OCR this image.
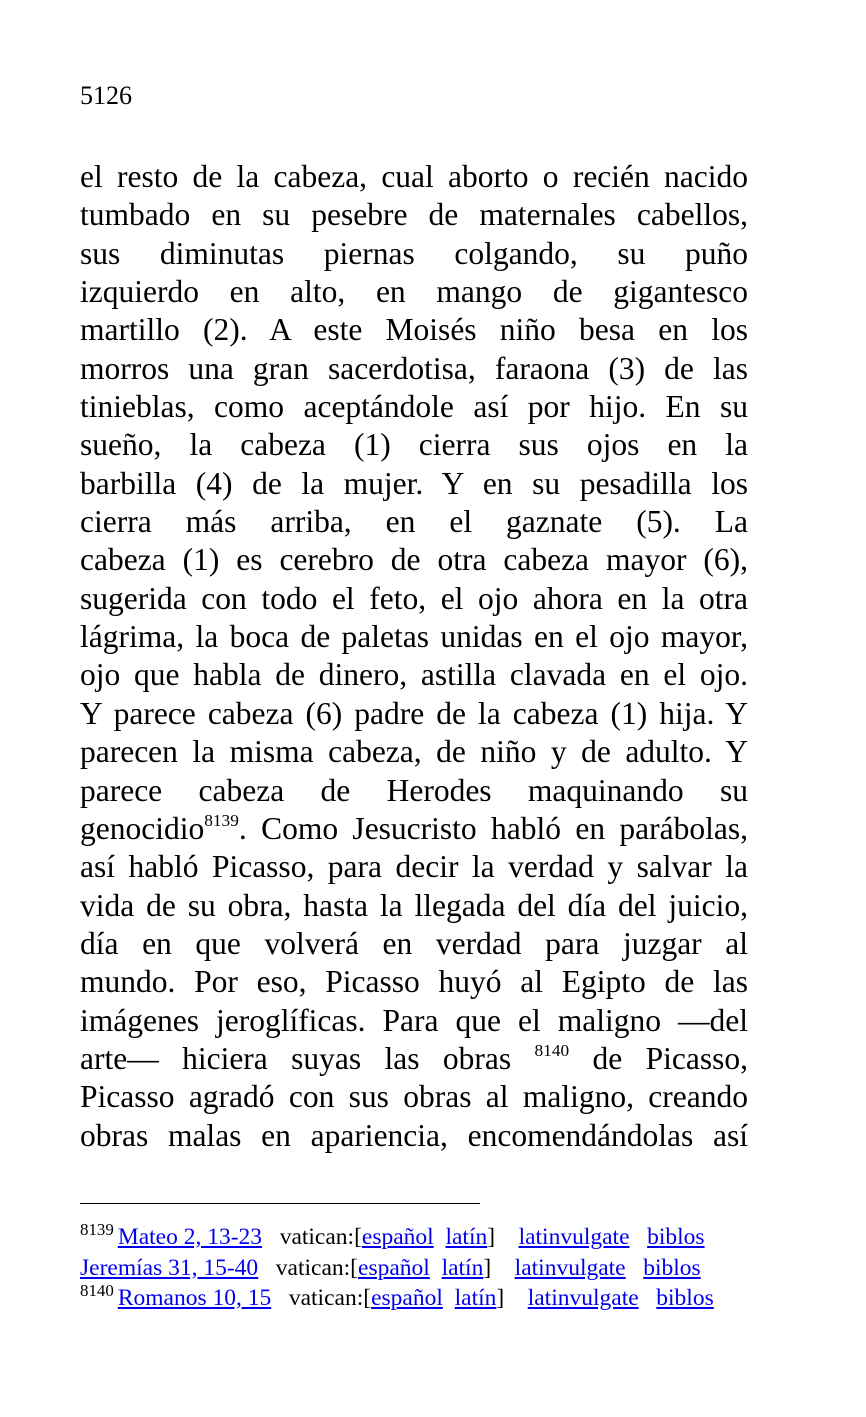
5126
el resto de la cabeza, cual aborto o recién nacido
tumbado en su pesebre de maternales cabellos,
sus diminutas piernas colgando, su puño
izquierdo en alto, en mango de gigantesco
martillo (2). A este Moisés niño besa en los
morros una gran sacerdotisa, faraona (3) de las
tinieblas, como aceptándole así por hijo. En su
sueño, la cabeza (1) cierra sus ojos en la
barbilla (4) de la mujer. Y en su pesadilla los
cierra más arriba, en el gaznate (5). La
cabeza (1) es cerebro de otra cabeza mayor (6),
sugerida con todo el feto, el ojo ahora en la otra
lágrima, la boca de paletas unidas en el ojo mayor,
ojo que habla de dinero, astilla clavada en el ojo.
Y parece cabeza (6) padre de la cabeza (1) hija. Y
parecen la misma cabeza, de niño y de adulto. Y
parece cabeza de Herodes maquinando su
genocidio$^{8139}$. Como Jesucristo habló en parábolas,
así habló Picasso, para decir la verdad y salvar la
vida de su obra, hasta la llegada del día del juicio,
día en que volverá en verdad para juzgar al
mundo. Por eso, Picasso huyó al Egipto de las
imágenes jeroglíficas. Para que el maligno —del
arte— hiciera suyas las obras $^{8140}$ de Picasso,
Picasso agradó con sus obras al maligno, creando
obras malas en apariencia, encomendándolas así
$^{8139}$ Mateo 2, 13-23 vatican:[español latín] latinvulgate biblos
Jeremías 31, 15-40 vatican:[español latín] latinvulgate biblos
$^{8140}$ Romanos 10, 15 vatican:[español latín] latinvulgate biblos
